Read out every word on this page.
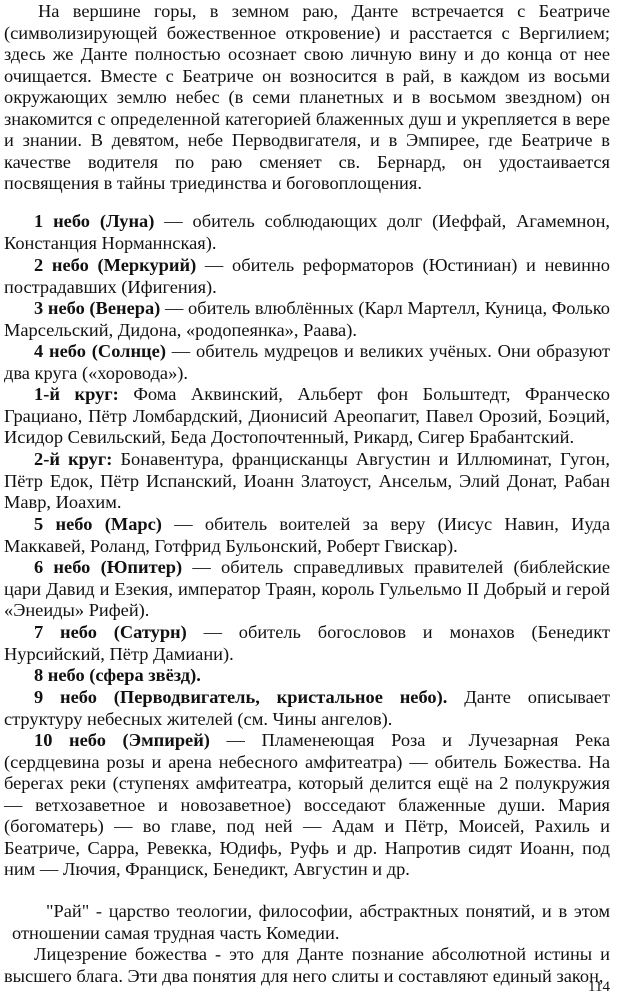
На вершине горы, в земном раю, Данте встречается с Беатриче (символизирующей божественное откровение) и расстается с Вергилием; здесь же Данте полностью осознает свою личную вину и до конца от нее очищается. Вместе с Беатриче он возносится в рай, в каждом из восьми окружающих землю небес (в семи планетных и в восьмом звездном) он знакомится с определенной категорией блаженных душ и укрепляется в вере и знании. В девятом, небе Перводвигателя, и в Эмпирее, где Беатриче в качестве водителя по раю сменяет св. Бернард, он удостаивается посвящения в тайны триединства и боговоплощения.

1 небо (Луна) — обитель соблюдающих долг (Иеффай, Агамемнон, Констанция Норманнская).

2 небо (Меркурий) — обитель реформаторов (Юстиниан) и невинно пострадавших (Ифигения).

3 небо (Венера) — обитель влюблённых (Карл Мартелл, Куница, Фолько Марсельский, Дидона, «родопеянка», Раава).

4 небо (Солнце) — обитель мудрецов и великих учёных. Они образуют два круга («хоровода»).

1-й круг: Фома Аквинский, Альберт фон Больштедт, Франческо Грациано, Пётр Ломбардский, Дионисий Ареопагит, Павел Орозий, Боэций, Исидор Севильский, Беда Достопочтенный, Рикард, Сигер Брабантский.

2-й круг: Бонавентура, францисканцы Августин и Иллюминат, Гугон, Пётр Едок, Пётр Испанский, Иоанн Златоуст, Ансельм, Элий Донат, Рабан Мавр, Иоахим.

5 небо (Марс) — обитель воителей за веру (Иисус Навин, Иуда Маккавей, Роланд, Готфрид Бульонский, Роберт Гвискар).

6 небо (Юпитер) — обитель справедливых правителей (библейские цари Давид и Езекия, император Траян, король Гульельмо II Добрый и герой «Энеиды» Рифей).

7 небо (Сатурн) — обитель богословов и монахов (Бенедикт Нурсийский, Пётр Дамиани).

8 небо (сфера звёзд).

9 небо (Перводвигатель, кристальное небо). Данте описывает структуру небесных жителей (см. Чины ангелов).

10 небо (Эмпирей) — Пламенеющая Роза и Лучезарная Река (сердцевина розы и арена небесного амфитеатра) — обитель Божества. На берегах реки (ступенях амфитеатра, который делится ещё на 2 полукружия — ветхозаветное и новозаветное) восседают блаженные души. Мария (богоматерь) — во главе, под ней — Адам и Пётр, Моисей, Рахиль и Беатриче, Сарра, Ревекка, Юдифь, Руфь и др. Напротив сидят Иоанн, под ним — Лючия, Франциск, Бенедикт, Августин и др.

"Рай" - царство теологии, философии, абстрактных понятий, и в этом отношении самая трудная часть Комедии.

Лицезрение божества - это для Данте познание абсолютной истины и высшего блага. Эти два понятия для него слиты и составляют единый закон,

114
